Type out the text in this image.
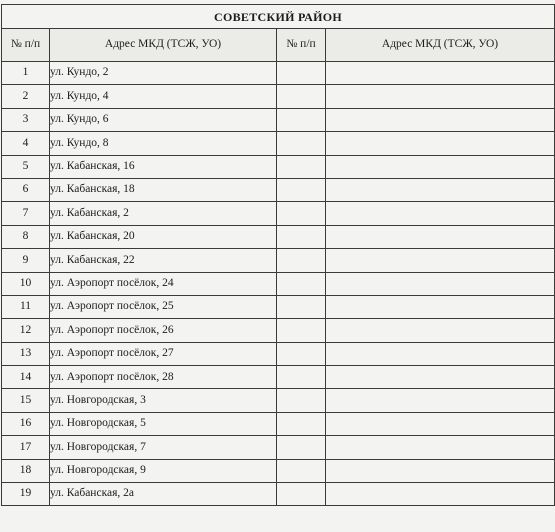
СОВЕТСКИЙ РАЙОН			
№ п/п	Адрес МКД (ТСЖ, УО)	№ п/п	Адрес МКД (ТСЖ, УО)
1	ул. Кундо, 2		
2	ул. Кундо, 4		
3	ул. Кундо, 6		
4	ул. Кундо, 8		
5	ул. Кабанская, 16		
6	ул. Кабанская, 18		
7	ул. Кабанская, 2		
8	ул. Кабанская, 20		
9	ул. Кабанская, 22		
10	ул. Аэропорт посёлок, 24		
11	ул. Аэропорт посёлок, 25		
12	ул. Аэропорт посёлок, 26		
13	ул. Аэропорт посёлок, 27		
14	ул. Аэропорт посёлок, 28		
15	ул. Новгородская, 3		
16	ул. Новгородская, 5		
17	ул. Новгородская, 7		
18	ул. Новгородская, 9		
19	ул. Кабанская, 2а		
